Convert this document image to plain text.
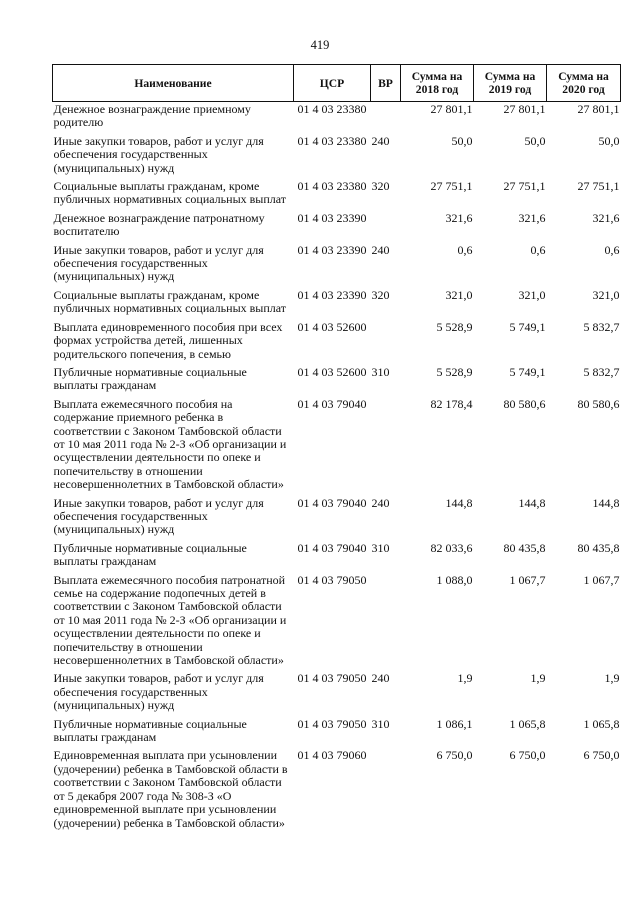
419
Наименование	ЦСР	ВР	Сумма на 2018 год	Сумма на 2019 год	Сумма на 2020 год
Денежное вознаграждение приемному родителю	01 4 03 23380		27 801,1	27 801,1	27 801,1
Иные закупки товаров, работ и услуг для обеспечения государственных (муниципальных) нужд	01 4 03 23380	240	50,0	50,0	50,0
Социальные выплаты гражданам, кроме публичных нормативных социальных выплат	01 4 03 23380	320	27 751,1	27 751,1	27 751,1
Денежное вознаграждение патронатному воспитателю	01 4 03 23390		321,6	321,6	321,6
Иные закупки товаров, работ и услуг для обеспечения государственных (муниципальных) нужд	01 4 03 23390	240	0,6	0,6	0,6
Социальные выплаты гражданам, кроме публичных нормативных социальных выплат	01 4 03 23390	320	321,0	321,0	321,0
Выплата единовременного пособия при всех формах устройства детей, лишенных родительского попечения, в семью	01 4 03 52600		5 528,9	5 749,1	5 832,7
Публичные нормативные социальные выплаты гражданам	01 4 03 52600	310	5 528,9	5 749,1	5 832,7
Выплата ежемесячного пособия на содержание приемного ребенка в соответствии с Законом Тамбовской области от 10 мая 2011 года № 2-З «Об организации и осуществлении деятельности по опеке и попечительству в отношении несовершеннолетних в Тамбовской области»	01 4 03 79040		82 178,4	80 580,6	80 580,6
Иные закупки товаров, работ и услуг для обеспечения государственных (муниципальных) нужд	01 4 03 79040	240	144,8	144,8	144,8
Публичные нормативные социальные выплаты гражданам	01 4 03 79040	310	82 033,6	80 435,8	80 435,8
Выплата ежемесячного пособия патронатной семье на содержание подопечных детей в соответствии с Законом Тамбовской области от 10 мая 2011 года № 2-З «Об организации и осуществлении деятельности по опеке и попечительству в отношении несовершеннолетних в Тамбовской области»	01 4 03 79050		1 088,0	1 067,7	1 067,7
Иные закупки товаров, работ и услуг для обеспечения государственных (муниципальных) нужд	01 4 03 79050	240	1,9	1,9	1,9
Публичные нормативные социальные выплаты гражданам	01 4 03 79050	310	1 086,1	1 065,8	1 065,8
Единовременная выплата при усыновлении (удочерении) ребенка в Тамбовской области в соответствии с Законом Тамбовской области от 5 декабря 2007 года № 308-З «О единовременной выплате при усыновлении (удочерении) ребенка в Тамбовской области»	01 4 03 79060		6 750,0	6 750,0	6 750,0
